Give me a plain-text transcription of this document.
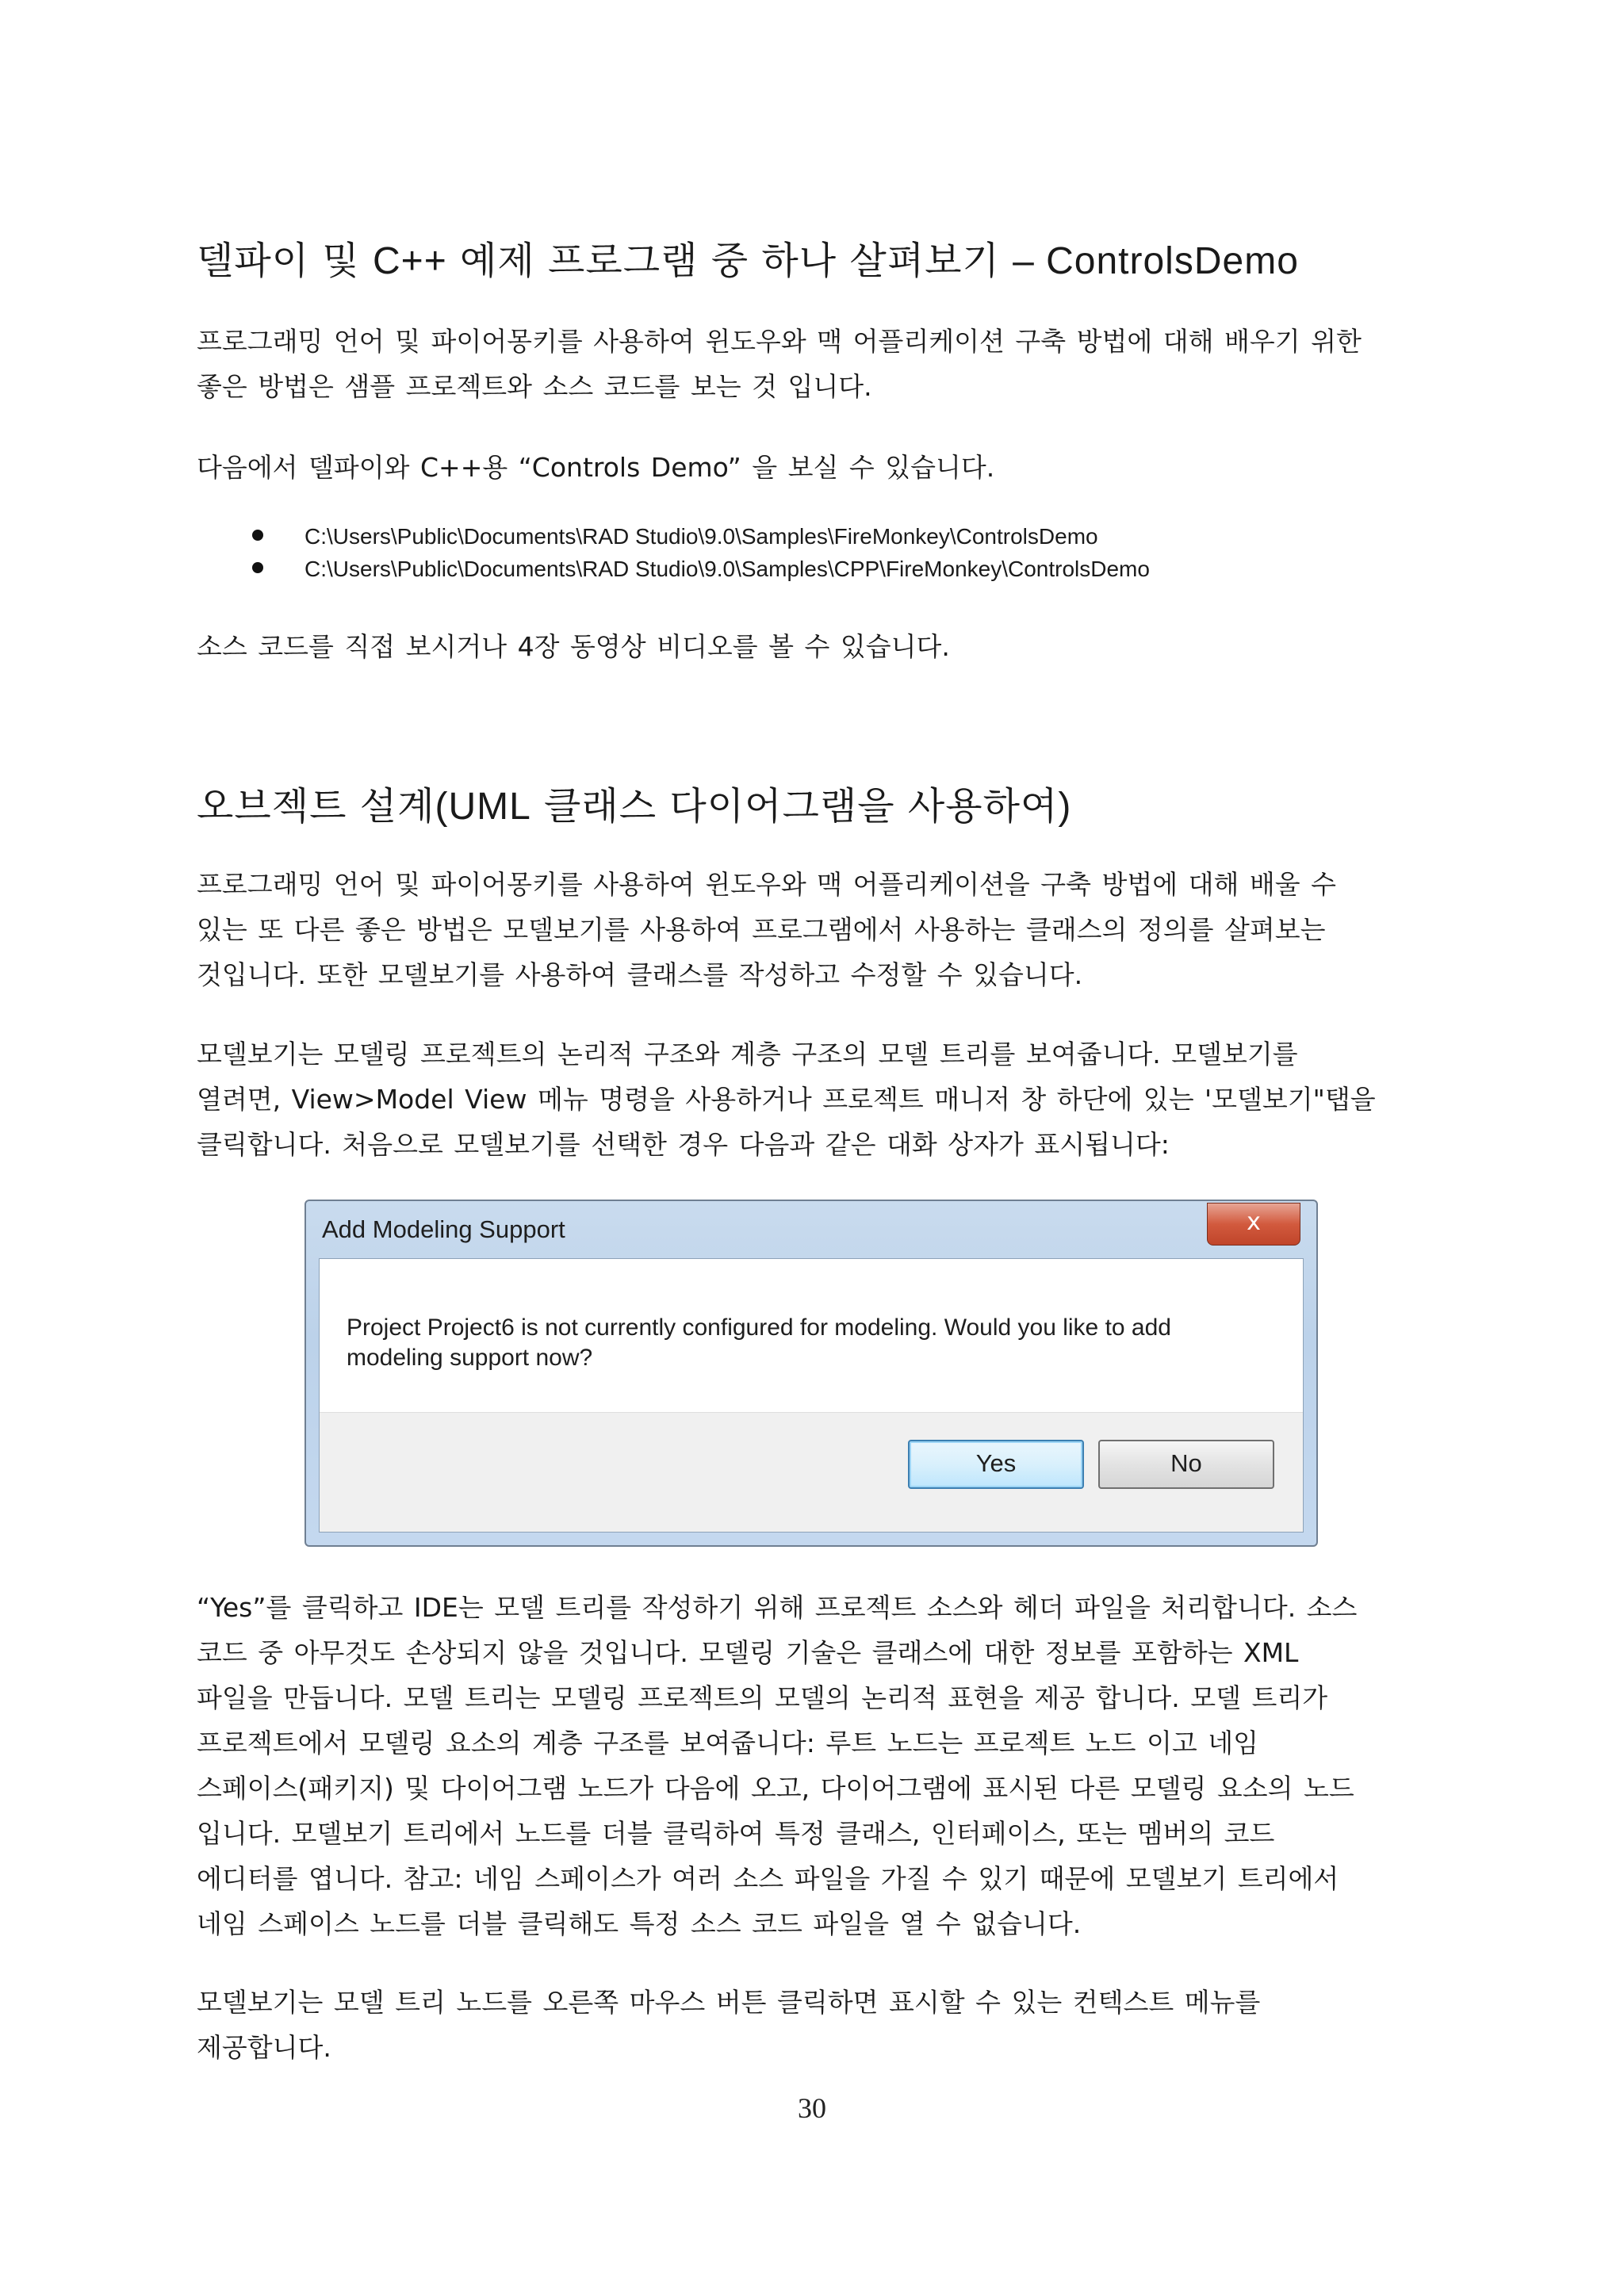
델파이 및 C++ 예제 프로그램 중 하나 살펴보기 – ControlsDemo

프로그래밍 언어 및 파이어몽키를 사용하여 윈도우와 맥 어플리케이션 구축 방법에 대해 배우기 위한
좋은 방법은 샘플 프로젝트와 소스 코드를 보는 것 입니다.

다음에서 델파이와 C++용 “Controls Demo” 을 보실 수 있습니다.

C:\Users\Public\Documents\RAD Studio\9.0\Samples\FireMonkey\ControlsDemo
C:\Users\Public\Documents\RAD Studio\9.0\Samples\CPP\FireMonkey\ControlsDemo

소스 코드를 직접 보시거나 4장 동영상 비디오를 볼 수 있습니다.

오브젝트 설계(UML 클래스 다이어그램을 사용하여)

프로그래밍 언어 및 파이어몽키를 사용하여 윈도우와 맥 어플리케이션을 구축 방법에 대해 배울 수
있는 또 다른 좋은 방법은 모델보기를 사용하여 프로그램에서 사용하는 클래스의 정의를 살펴보는
것입니다. 또한 모델보기를 사용하여 클래스를 작성하고 수정할 수 있습니다.

모델보기는 모델링 프로젝트의 논리적 구조와 계층 구조의 모델 트리를 보여줍니다. 모델보기를
열려면, View>Model View 메뉴 명령을 사용하거나 프로젝트 매니저 창 하단에 있는 '모델보기"탭을
클릭합니다. 처음으로 모델보기를 선택한 경우 다음과 같은 대화 상자가 표시됩니다:

Add Modeling Support	x
Project Project6 is not currently configured for modeling. Would you like to add modeling support now?
Yes	No

“Yes”를 클릭하고 IDE는 모델 트리를 작성하기 위해 프로젝트 소스와 헤더 파일을 처리합니다. 소스
코드 중 아무것도 손상되지 않을 것입니다. 모델링 기술은 클래스에 대한 정보를 포함하는 XML
파일을 만듭니다. 모델 트리는 모델링 프로젝트의 모델의 논리적 표현을 제공 합니다. 모델 트리가
프로젝트에서 모델링 요소의 계층 구조를 보여줍니다: 루트 노드는 프로젝트 노드 이고 네임
스페이스(패키지) 및 다이어그램 노드가 다음에 오고, 다이어그램에 표시된 다른 모델링 요소의 노드
입니다. 모델보기 트리에서 노드를 더블 클릭하여 특정 클래스, 인터페이스, 또는 멤버의 코드
에디터를 엽니다. 참고: 네임 스페이스가 여러 소스 파일을 가질 수 있기 때문에 모델보기 트리에서
네임 스페이스 노드를 더블 클릭해도 특정 소스 코드 파일을 열 수 없습니다.

모델보기는 모델 트리 노드를 오른쪽 마우스 버튼 클릭하면 표시할 수 있는 컨텍스트 메뉴를
제공합니다.

30
